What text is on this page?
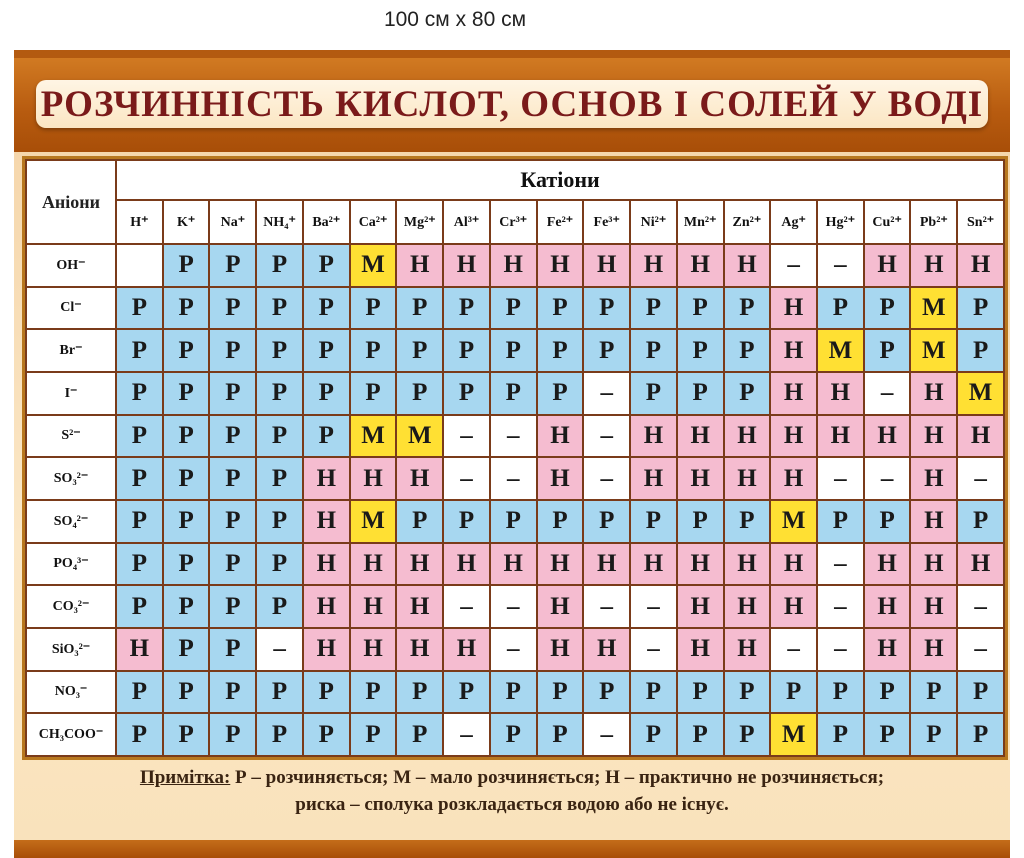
100 см х 80 см
РОЗЧИННІСТЬ КИСЛОТ, ОСНОВ І СОЛЕЙ У ВОДІ
Аніони	Катіони																		
	H⁺	K⁺	Na⁺	NH₄⁺	Ba²⁺	Ca²⁺	Mg²⁺	Al³⁺	Cr³⁺	Fe²⁺	Fe³⁺	Ni²⁺	Mn²⁺	Zn²⁺	Ag⁺	Hg²⁺	Cu²⁺	Pb²⁺	Sn²⁺
OH⁻		Р	Р	Р	Р	М	Н	Н	Н	Н	Н	Н	Н	Н	–	–	Н	Н	Н
Cl⁻	Р	Р	Р	Р	Р	Р	Р	Р	Р	Р	Р	Р	Р	Р	Н	Р	Р	М	Р
Br⁻	Р	Р	Р	Р	Р	Р	Р	Р	Р	Р	Р	Р	Р	Р	Н	М	Р	М	Р
I⁻	Р	Р	Р	Р	Р	Р	Р	Р	Р	Р	–	Р	Р	Р	Н	Н	–	Н	М
S²⁻	Р	Р	Р	Р	Р	М	М	–	–	Н	–	Н	Н	Н	Н	Н	Н	Н	Н
SO₃²⁻	Р	Р	Р	Р	Н	Н	Н	–	–	Н	–	Н	Н	Н	Н	–	–	Н	–
SO₄²⁻	Р	Р	Р	Р	Н	М	Р	Р	Р	Р	Р	Р	Р	Р	М	Р	Р	Н	Р
PO₄³⁻	Р	Р	Р	Р	Н	Н	Н	Н	Н	Н	Н	Н	Н	Н	Н	–	Н	Н	Н
CO₃²⁻	Р	Р	Р	Р	Н	Н	Н	–	–	Н	–	–	Н	Н	Н	–	Н	Н	–
SiO₃²⁻	Н	Р	Р	–	Н	Н	Н	Н	–	Н	Н	–	Н	Н	–	–	Н	Н	–
NO₃⁻	Р	Р	Р	Р	Р	Р	Р	Р	Р	Р	Р	Р	Р	Р	Р	Р	Р	Р	Р
CH₃COO⁻	Р	Р	Р	Р	Р	Р	Р	–	Р	Р	–	Р	Р	Р	М	Р	Р	Р	Р
Примітка: Р – розчиняється; М – мало розчиняється; Н – практично не розчиняється;
риска – сполука розкладається водою або не існує.
